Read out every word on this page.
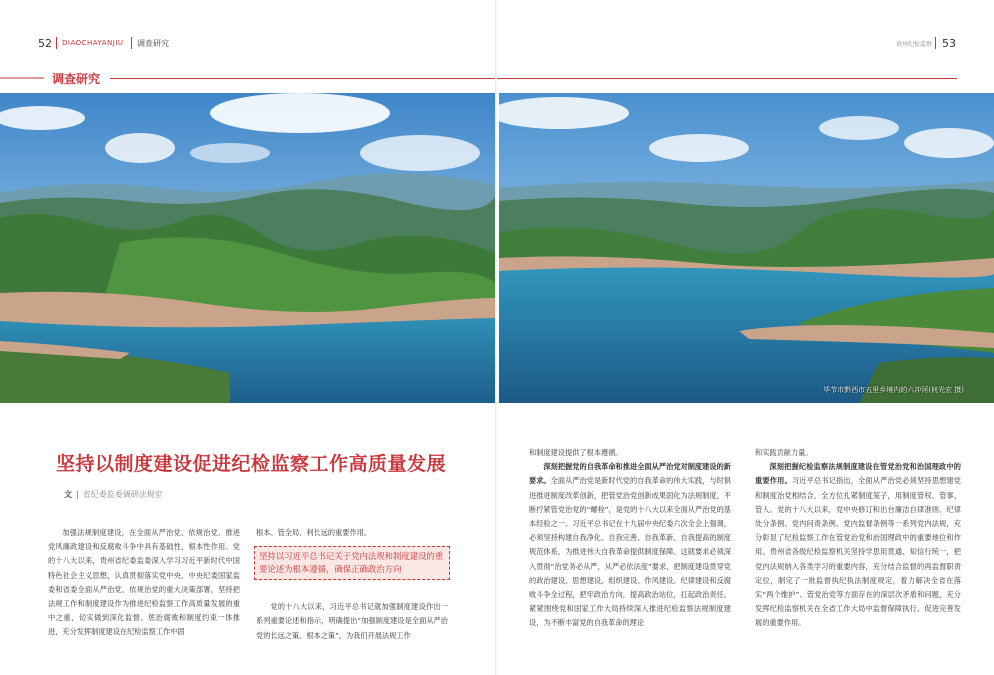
52 DIAOCHAYANJIU 调查研究
调查研究
坚持以制度建设促进纪检监察工作高质量发展
文 | 省纪委监委调研法规室

加强法规制度建设，在全面从严治党、依规治党、推进党风廉政建设和反腐败斗争中具有基础性、根本性作用。党的十八大以来，贵州省纪委监委深入学习习近平新时代中国特色社会主义思想，认真贯彻落实党中央、中央纪委国家监委和省委全面从严治党、依规治党的重大决策部署，坚持把法规工作和制度建设作为推进纪检监察工作高质量发展的重中之重，切实做到深化监督、惩治腐败和制度约束一体推进，充分发挥制度建设在纪检监察工作中固

根本、管全局、利长远的重要作用。

党的十八大以来，习近平总书记就加强制度建设作出一系列重要论述和指示，明确提出“加强制度建设是全面从严治党的长远之策、根本之策”，为我们开展法规工作

坚持以习近平总书记关于党内法规和制度建设的重要论述为根本遵循，确保正确政治方向
贵州纪检监察 53
毕节市黔西市五里乡境内的六冲河(何光宏 摄)

和制度建设提供了根本遵循。

深刻把握党的自我革命和推进全面从严治党对制度建设的新要求。全面从严治党是新时代党的自我革命的伟大实践，与时俱进推进制度改革创新，把管党治党创新成果固化为法规制度，不断拧紧管党治党的“螺栓”，是党的十八大以来全面从严治党的基本经验之一。习近平总书记在十九届中央纪委六次全会上强调，必须坚持构建自我净化、自我完善、自我革新、自我提高的制度规范体系，为推进伟大自我革命提供制度保障。这就要求必须深入贯彻“治党务必从严，从严必依法度”要求，把制度建设贯穿党的政治建设、思想建设、组织建设、作风建设、纪律建设和反腐败斗争全过程，把牢政治方向，提高政治站位，扛起政治责任，紧紧围绕党和国家工作大局持续深入推进纪检监察法规制度建设，为不断丰富党的自我革命的理论

和实践贡献力量。

深刻把握纪检监察法规制度建设在管党治党和治国理政中的重要作用。习近平总书记指出，全面从严治党必须坚持思想建党和制度治党相结合，全方位扎紧制度笼子，用制度管权、管事、管人。党的十八大以来，党中央修订和出台廉洁自律准则、纪律处分条例、党内问责条例、党内监督条例等一系列党内法规，充分彰显了纪检监察工作在管党治党和治国理政中的重要地位和作用。贵州省各级纪检监察机关坚持学思用贯通、知信行统一，把党内法规纳入各类学习的重要内容，充分结合监督的再监督职责定位，制定了一批监督执纪执法制度规定，着力解决全省在落实“两个维护”、管党治党等方面存在的深层次矛盾和问题，充分发挥纪检监察机关在全省工作大局中监督保障执行、促进完善发展的重要作用。
